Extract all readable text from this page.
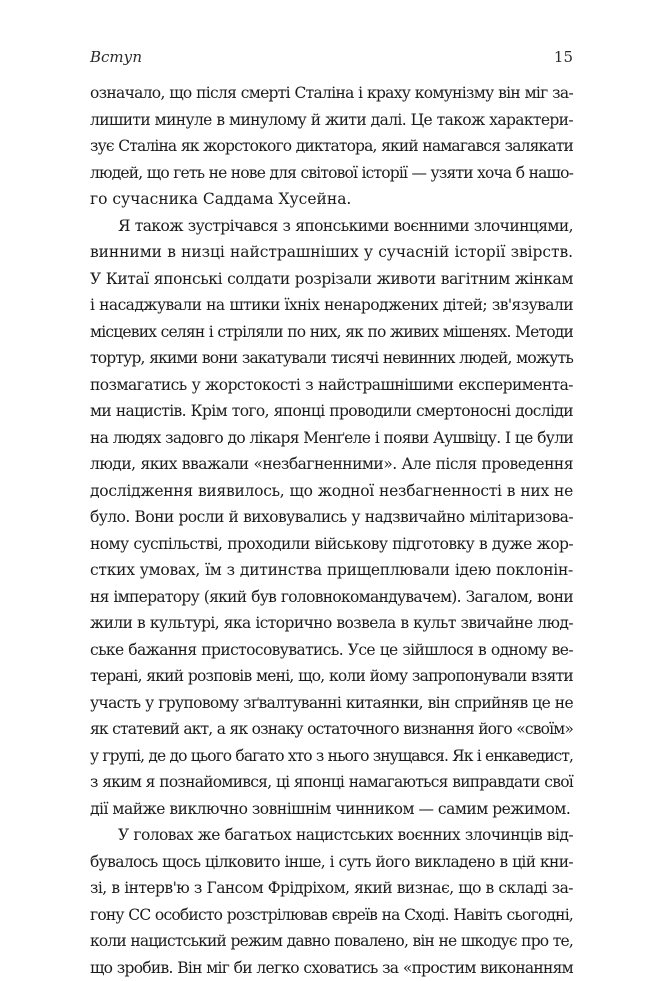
Вступ	15
означало, що після смерті Сталіна і краху комунізму він міг за-
лишити минуле в минулому й жити далі. Це також характери-
зує Сталіна як жорстокого диктатора, який намагався залякати
людей, що геть не нове для світової історії — узяти хоча б нашо-
го сучасника Саддама Хусейна.
Я також зустрічався з японськими воєнними злочинцями,
винними в низці найстрашніших у сучасній історії звірств.
У Китаї японські солдати розрізали животи вагітним жінкам
і насаджували на штики їхніх ненароджених дітей; зв'язували
місцевих селян і стріляли по них, як по живих мішенях. Методи
тортур, якими вони закатували тисячі невинних людей, можуть
позмагатись у жорстокості з найстрашнішими експеримента-
ми нацистів. Крім того, японці проводили смертоносні досліди
на людях задовго до лікаря Менґеле і появи Аушвіцу. І це були
люди, яких вважали «незбагненними». Але після проведення
дослідження виявилось, що жодної незбагненності в них не
було. Вони росли й виховувались у надзвичайно мілітаризова-
ному суспільстві, проходили військову підготовку в дуже жор-
стких умовах, їм з дитинства прищеплювали ідею поклонін-
ня імператору (який був головнокомандувачем). Загалом, вони
жили в культурі, яка історично возвела в культ звичайне люд-
ське бажання пристосовуватись. Усе це зійшлося в одному ве-
терані, який розповів мені, що, коли йому запропонували взяти
участь у груповому зґвалтуванні китаянки, він сприйняв це не
як статевий акт, а як ознаку остаточного визнання його «своїм»
у групі, де до цього багато хто з нього знущався. Як і енкаведист,
з яким я познайомився, ці японці намагаються виправдати свої
дії майже виключно зовнішнім чинником — самим режимом.
У головах же багатьох нацистських воєнних злочинців від-
бувалось щось цілковито інше, і суть його викладено в цій кни-
зі, в інтерв'ю з Гансом Фрідріхом, який визнає, що в складі за-
гону СС особисто розстрілював євреїв на Сході. Навіть сьогодні,
коли нацистський режим давно повалено, він не шкодує про те,
що зробив. Він міг би легко сховатись за «простим виконанням
